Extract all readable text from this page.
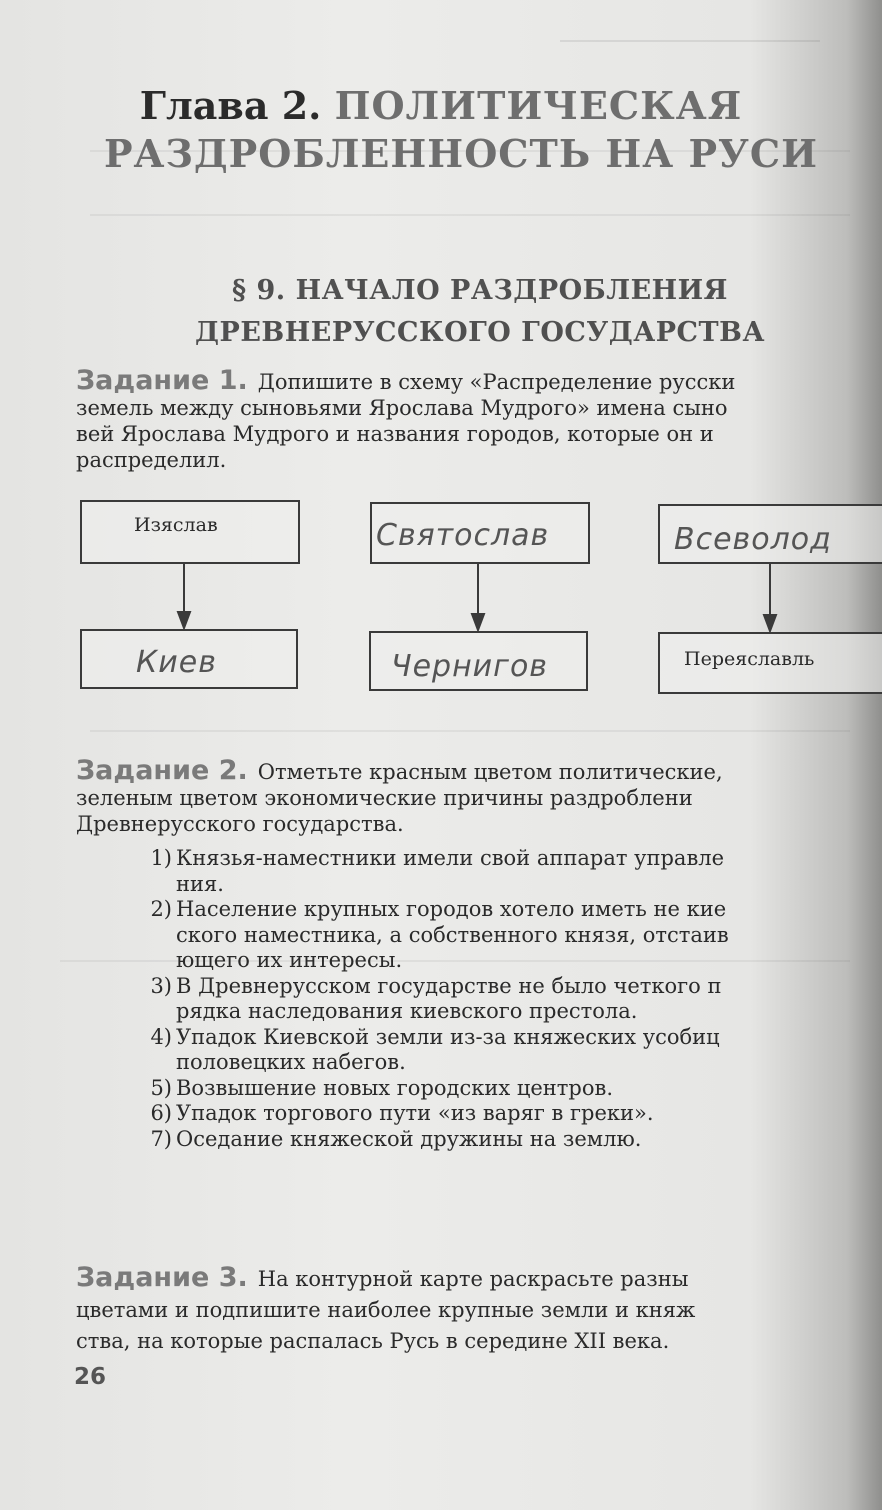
Глава 2. ПОЛИТИЧЕСКАЯ
РАЗДРОБЛЕННОСТЬ НА РУСИ
§ 9. НАЧАЛО РАЗДРОБЛЕНИЯ
ДРЕВНЕРУССКОГО ГОСУДАРСТВА
Задание 1. Допишите в схему «Распределение русски
земель между сыновьями Ярослава Мудрого» имена сыно
вей Ярослава Мудрого и названия городов, которые он и
распределил.
Изяслав	Святослав	Всеволод
Киев	Чернигов	Переяславль
Задание 2. Отметьте красным цветом политические,
зеленым цветом экономические причины раздроблени
Древнерусского государства.
1) Князья-наместники имели свой аппарат управле
ния.
2) Население крупных городов хотело иметь не кие
ского наместника, а собственного князя, отстаив
ющего их интересы.
3) В Древнерусском государстве не было четкого п
рядка наследования киевского престола.
4) Упадок Киевской земли из-за княжеских усобиц
половецких набегов.
5) Возвышение новых городских центров.
6) Упадок торгового пути «из варяг в греки».
7) Оседание княжеской дружины на землю.
Задание 3. На контурной карте раскрасьте разны
цветами и подпишите наиболее крупные земли и княж
ства, на которые распалась Русь в середине XII века.
26
